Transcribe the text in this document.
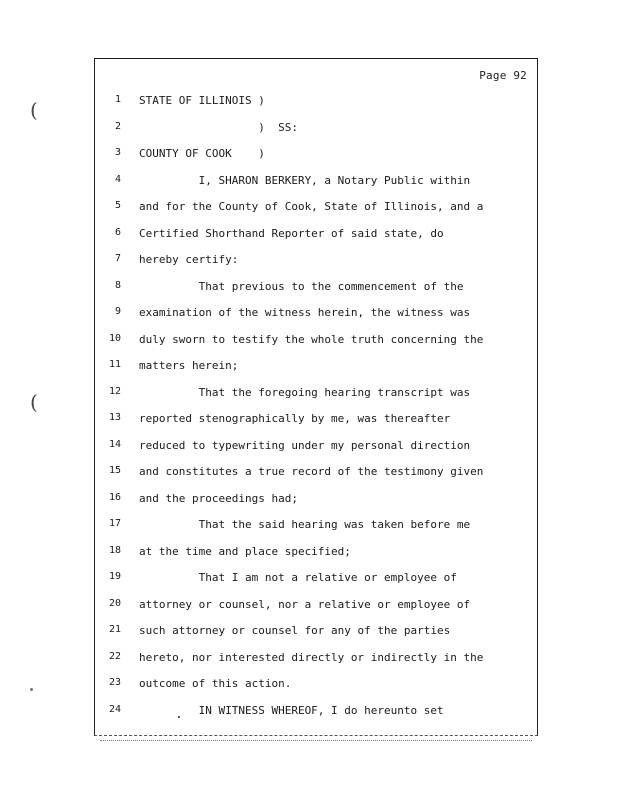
(
(
Page 92
1 STATE OF ILLINOIS )
2 )  SS:
3 COUNTY OF COOK    )
4 I, SHARON BERKERY, a Notary Public within
5 and for the County of Cook, State of Illinois, and a
6 Certified Shorthand Reporter of said state, do
7 hereby certify:
8 That previous to the commencement of the
9 examination of the witness herein, the witness was
10 duly sworn to testify the whole truth concerning the
11 matters herein;
12 That the foregoing hearing transcript was
13 reported stenographically by me, was thereafter
14 reduced to typewriting under my personal direction
15 and constitutes a true record of the testimony given
16 and the proceedings had;
17 That the said hearing was taken before me
18 at the time and place specified;
19 That I am not a relative or employee of
20 attorney or counsel, nor a relative or employee of
21 such attorney or counsel for any of the parties
22 hereto, nor interested directly or indirectly in the
23 outcome of this action.
24 IN WITNESS WHEREOF, I do hereunto set
